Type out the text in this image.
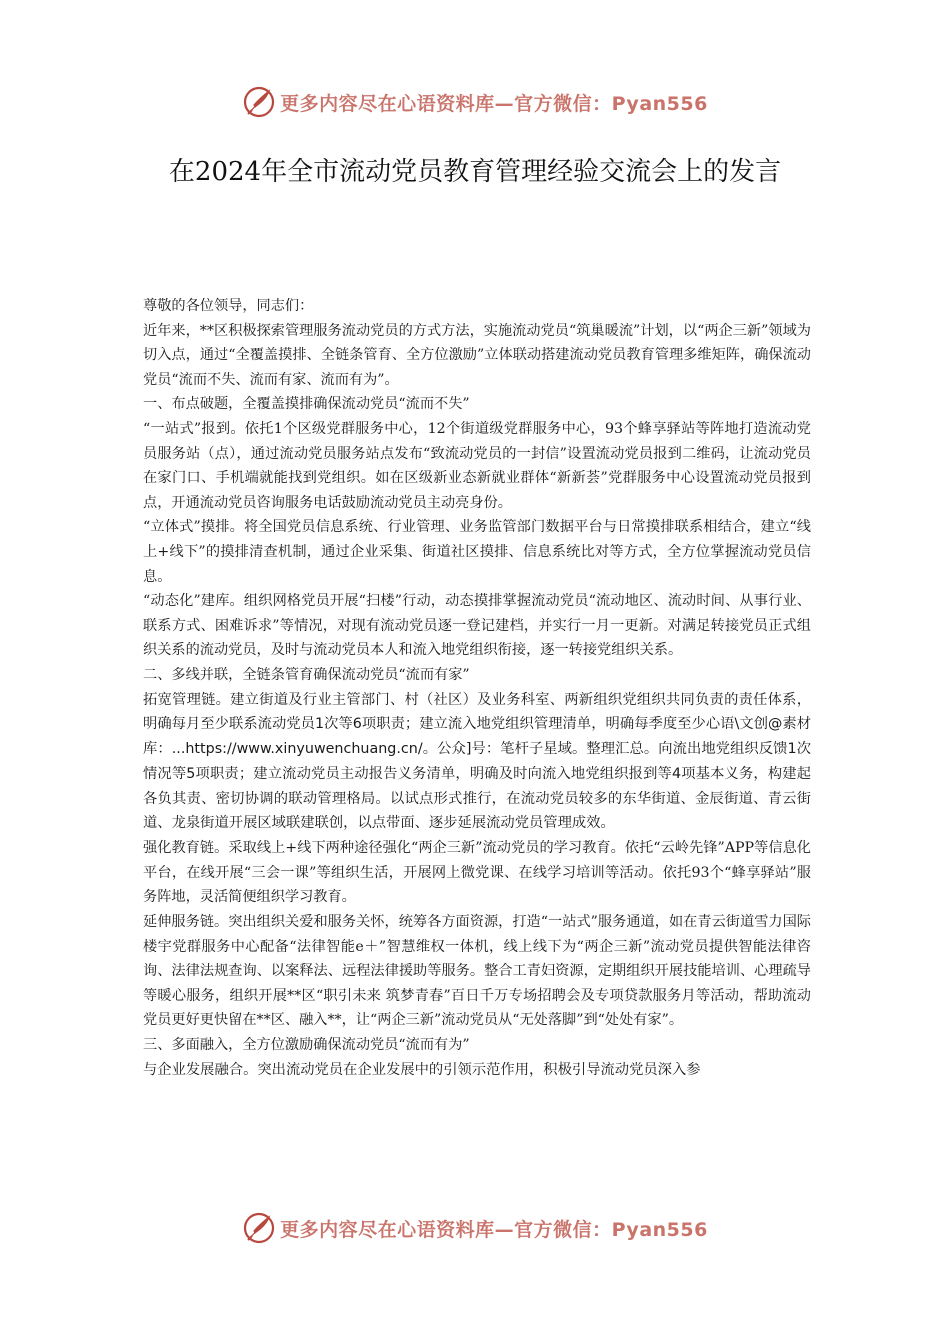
更多内容尽在心语资料库—官方微信：Pyan556
在2024年全市流动党员教育管理经验交流会上的发言

尊敬的各位领导，同志们：

近年来，**区积极探索管理服务流动党员的方式方法，实施流动党员“筑巢暖流”计划，以“两企三新”领域为切入点，通过“全覆盖摸排、全链条管育、全方位激励”立体联动搭建流动党员教育管理多维矩阵，确保流动党员“流而不失、流而有家、流而有为”。

一、布点破题，全覆盖摸排确保流动党员“流而不失”

“一站式”报到。依托1个区级党群服务中心，12个街道级党群服务中心，93个蜂享驿站等阵地打造流动党员服务站（点），通过流动党员服务站点发布“致流动党员的一封信”设置流动党员报到二维码，让流动党员在家门口、手机端就能找到党组织。如在区级新业态新就业群体“新新荟”党群服务中心设置流动党员报到点，开通流动党员咨询服务电话鼓励流动党员主动亮身份。

“立体式”摸排。将全国党员信息系统、行业管理、业务监管部门数据平台与日常摸排联系相结合，建立“线上+线下”的摸排清查机制，通过企业采集、街道社区摸排、信息系统比对等方式，全方位掌握流动党员信息。

“动态化”建库。组织网格党员开展“扫楼”行动，动态摸排掌握流动党员“流动地区、流动时间、从事行业、联系方式、困难诉求”等情况，对现有流动党员逐一登记建档，并实行一月一更新。对满足转接党员正式组织关系的流动党员，及时与流动党员本人和流入地党组织衔接，逐一转接党组织关系。

二、多线并联，全链条管育确保流动党员“流而有家”

拓宽管理链。建立街道及行业主管部门、村（社区）及业务科室、两新组织党组织共同负责的责任体系，明确每月至少联系流动党员1次等6项职责；建立流入地党组织管理清单，明确每季度至少心语\文创@素材库：...https://www.xinyuwenchuang.cn/。公众]号：笔杆子星域。整理汇总。向流出地党组织反馈1次情况等5项职责；建立流动党员主动报告义务清单，明确及时向流入地党组织报到等4项基本义务，构建起各负其责、密切协调的联动管理格局。以试点形式推行，在流动党员较多的东华街道、金辰街道、青云街道、龙泉街道开展区域联建联创，以点带面、逐步延展流动党员管理成效。

强化教育链。采取线上+线下两种途径强化“两企三新”流动党员的学习教育。依托“云岭先锋”APP等信息化平台，在线开展“三会一课”等组织生活，开展网上微党课、在线学习培训等活动。依托93个“蜂享驿站”服务阵地，灵活简便组织学习教育。

延伸服务链。突出组织关爱和服务关怀，统筹各方面资源，打造“一站式”服务通道，如在青云街道雪力国际楼宇党群服务中心配备“法律智能e＋”智慧维权一体机，线上线下为“两企三新”流动党员提供智能法律咨询、法律法规查询、以案释法、远程法律援助等服务。整合工青妇资源，定期组织开展技能培训、心理疏导等暖心服务，组织开展**区“职引未来 筑梦青春”百日千万专场招聘会及专项贷款服务月等活动，帮助流动党员更好更快留在**区、融入**，让“两企三新”流动党员从“无处落脚”到“处处有家”。

三、多面融入，全方位激励确保流动党员“流而有为”

与企业发展融合。突出流动党员在企业发展中的引领示范作用，积极引导流动党员深入参

更多内容尽在心语资料库—官方微信：Pyan556
